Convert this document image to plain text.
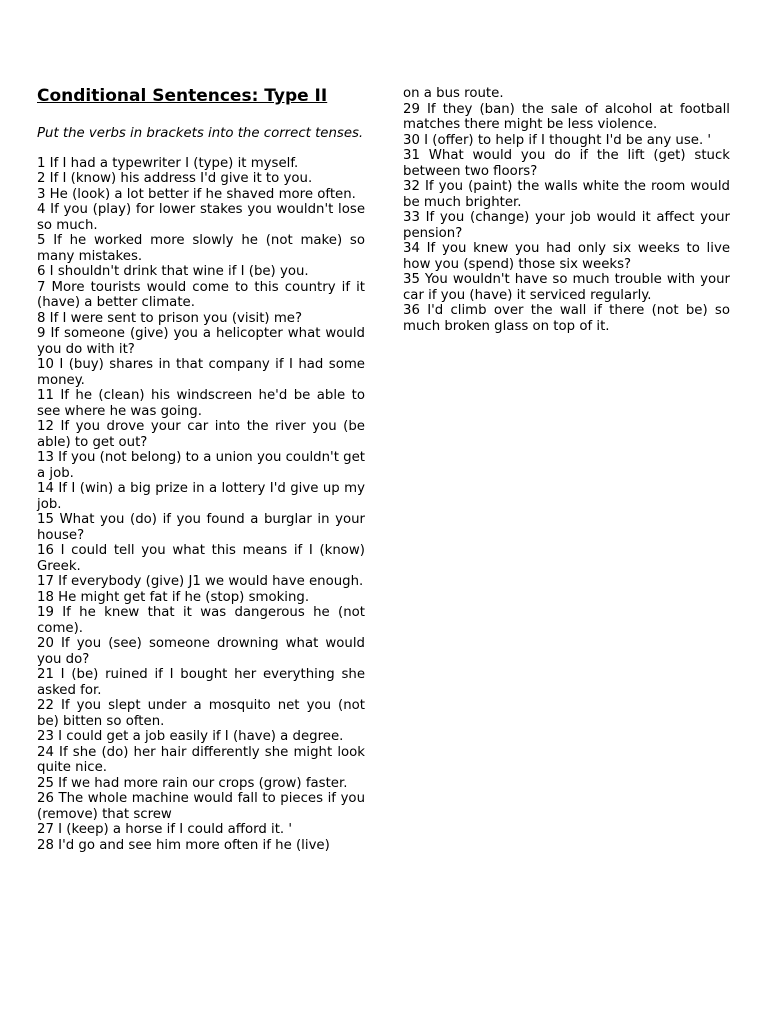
Conditional Sentences: Type II
Put the verbs in brackets into the correct tenses.
1 If I had a typewriter I (type) it myself.
2 If I (know) his address I'd give it to you.
3 He (look) a lot better if he shaved more often.
4 If you (play) for lower stakes you wouldn't lose so much.
5 If he worked more slowly he (not make) so many mistakes.
6 I shouldn't drink that wine if I (be) you.
7 More tourists would come to this country if it (have) a better climate.
8 If I were sent to prison you (visit) me?
9 If someone (give) you a helicopter what would you do with it?
10 I (buy) shares in that company if I had some money.
11 If he (clean) his windscreen he'd be able to see where he was going.
12 If you drove your car into the river you (be able) to get out?
13 If you (not belong) to a union you couldn't get a job.
14 If I (win) a big prize in a lottery I'd give up my job.
15 What you (do) if you found a burglar in your house?
16 I could tell you what this means if I (know) Greek.
17 If everybody (give) J1 we would have enough.
18 He might get fat if he (stop) smoking.
19 If he knew that it was dangerous he (not come).
20 If you (see) someone drowning what would you do?
21 I (be) ruined if I bought her everything she asked for.
22 If you slept under a mosquito net you (not be) bitten so often.
23 I could get a job easily if I (have) a degree.
24 If she (do) her hair differently she might look quite nice.
25 If we had more rain our crops (grow) faster.
26 The whole machine would fall to pieces if you (remove) that screw
27 I (keep) a horse if I could afford it. '
28 I'd go and see him more often if he (live)
on a bus route.
29 If they (ban) the sale of alcohol at football matches there might be less violence.
30 I (offer) to help if I thought I'd be any use. '
31 What would you do if the lift (get) stuck between two floors?
32 If you (paint) the walls white the room would be much brighter.
33 If you (change) your job would it affect your pension?
34 If you knew you had only six weeks to live how you (spend) those six weeks?
35 You wouldn't have so much trouble with your car if you (have) it serviced regularly.
36 I'd climb over the wall if there (not be) so much broken glass on top of it.
